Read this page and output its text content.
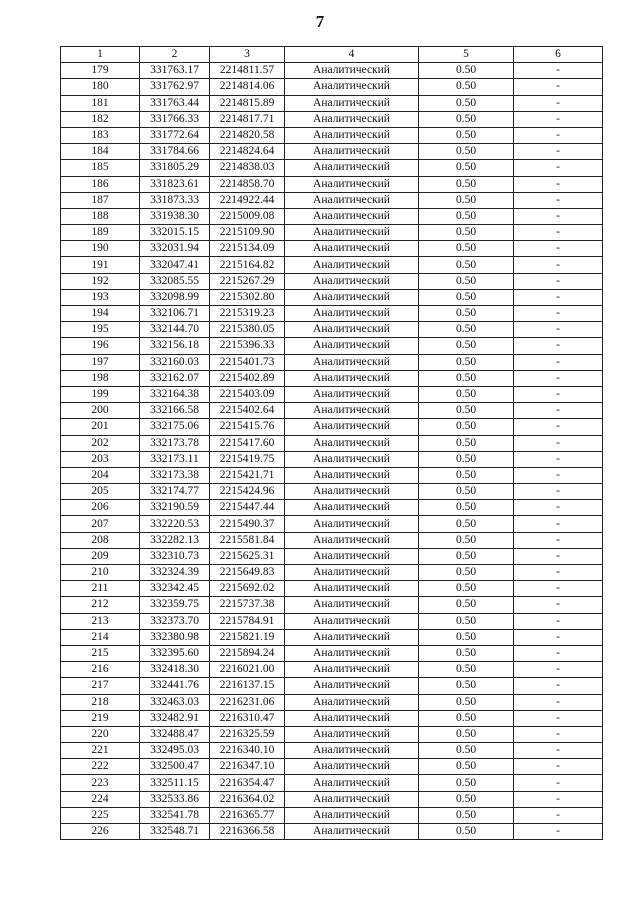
7
1	2	3	4	5	6
179	331763.17	2214811.57	Аналитический	0.50	-
180	331762.97	2214814.06	Аналитический	0.50	-
181	331763.44	2214815.89	Аналитический	0.50	-
182	331766.33	2214817.71	Аналитический	0.50	-
183	331772.64	2214820.58	Аналитический	0.50	-
184	331784.66	2214824.64	Аналитический	0.50	-
185	331805.29	2214838.03	Аналитический	0.50	-
186	331823.61	2214858.70	Аналитический	0.50	-
187	331873.33	2214922.44	Аналитический	0.50	-
188	331938.30	2215009.08	Аналитический	0.50	-
189	332015.15	2215109.90	Аналитический	0.50	-
190	332031.94	2215134.09	Аналитический	0.50	-
191	332047.41	2215164.82	Аналитический	0.50	-
192	332085.55	2215267.29	Аналитический	0.50	-
193	332098.99	2215302.80	Аналитический	0.50	-
194	332106.71	2215319.23	Аналитический	0.50	-
195	332144.70	2215380.05	Аналитический	0.50	-
196	332156.18	2215396.33	Аналитический	0.50	-
197	332160.03	2215401.73	Аналитический	0.50	-
198	332162.07	2215402.89	Аналитический	0.50	-
199	332164.38	2215403.09	Аналитический	0.50	-
200	332166.58	2215402.64	Аналитический	0.50	-
201	332175.06	2215415.76	Аналитический	0.50	-
202	332173.78	2215417.60	Аналитический	0.50	-
203	332173.11	2215419.75	Аналитический	0.50	-
204	332173.38	2215421.71	Аналитический	0.50	-
205	332174.77	2215424.96	Аналитический	0.50	-
206	332190.59	2215447.44	Аналитический	0.50	-
207	332220.53	2215490.37	Аналитический	0.50	-
208	332282.13	2215581.84	Аналитический	0.50	-
209	332310.73	2215625.31	Аналитический	0.50	-
210	332324.39	2215649.83	Аналитический	0.50	-
211	332342.45	2215692.02	Аналитический	0.50	-
212	332359.75	2215737.38	Аналитический	0.50	-
213	332373.70	2215784.91	Аналитический	0.50	-
214	332380.98	2215821.19	Аналитический	0.50	-
215	332395.60	2215894.24	Аналитический	0.50	-
216	332418.30	2216021.00	Аналитический	0.50	-
217	332441.76	2216137.15	Аналитический	0.50	-
218	332463.03	2216231.06	Аналитический	0.50	-
219	332482.91	2216310.47	Аналитический	0.50	-
220	332488.47	2216325.59	Аналитический	0.50	-
221	332495.03	2216340.10	Аналитический	0.50	-
222	332500.47	2216347.10	Аналитический	0.50	-
223	332511.15	2216354.47	Аналитический	0.50	-
224	332533.86	2216364.02	Аналитический	0.50	-
225	332541.78	2216365.77	Аналитический	0.50	-
226	332548.71	2216366.58	Аналитический	0.50	-
